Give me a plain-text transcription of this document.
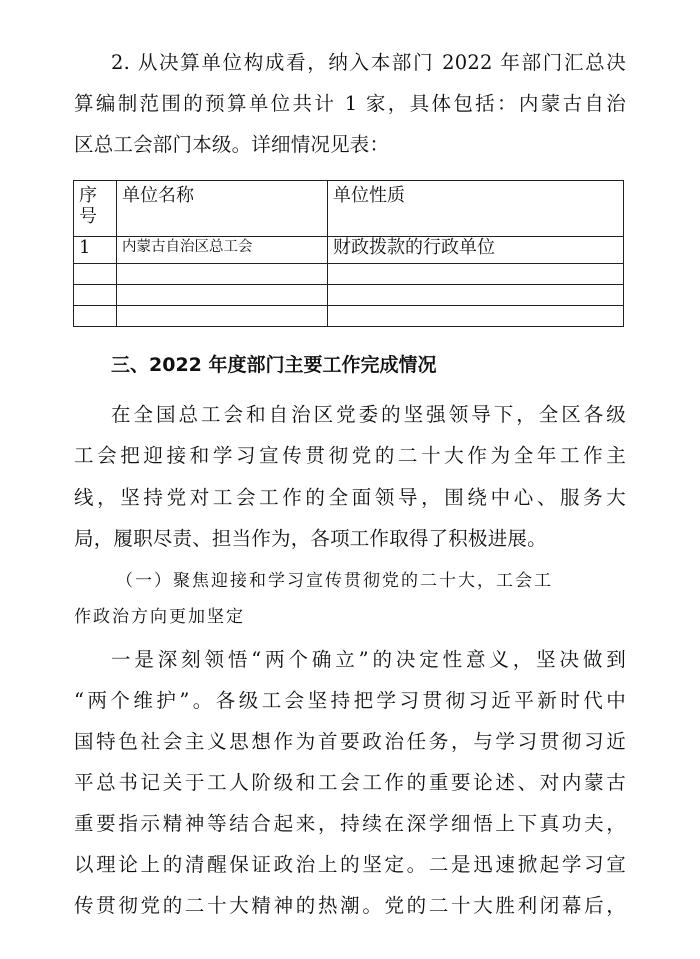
2. 从决算单位构成看，纳入本部门 2022 年部门汇总决
算编制范围的预算单位共计 1 家，具体包括：内蒙古自治
区总工会部门本级。详细情况见表：
序
号	单位名称	单位性质
1	内蒙古自治区总工会	财政拨款的行政单位

三、2022 年度部门主要工作完成情况
在全国总工会和自治区党委的坚强领导下，全区各级
工会把迎接和学习宣传贯彻党的二十大作为全年工作主
线，坚持党对工会工作的全面领导，围绕中心、服务大
局，履职尽责、担当作为，各项工作取得了积极进展。
（一）聚焦迎接和学习宣传贯彻党的二十大，工会工
作政治方向更加坚定
一是深刻领悟“两个确立”的决定性意义，坚决做到
“两个维护”。各级工会坚持把学习贯彻习近平新时代中
国特色社会主义思想作为首要政治任务，与学习贯彻习近
平总书记关于工人阶级和工会工作的重要论述、对内蒙古
重要指示精神等结合起来，持续在深学细悟上下真功夫，
以理论上的清醒保证政治上的坚定。二是迅速掀起学习宣
传贯彻党的二十大精神的热潮。党的二十大胜利闭幕后，
